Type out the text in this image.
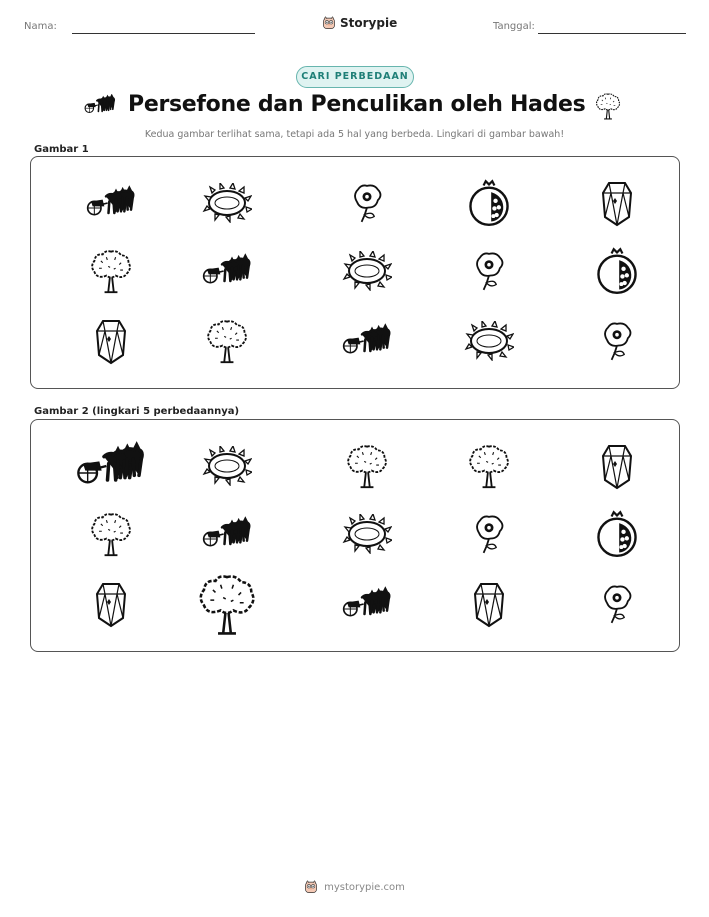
Nama:	Storypie	Tanggal:
CARI PERBEDAAN
Persefone dan Penculikan oleh Hades
Kedua gambar terlihat sama, tetapi ada 5 hal yang berbeda. Lingkari di gambar bawah!
Gambar 1
Gambar 2 (lingkari 5 perbedaannya)
mystorypie.com
